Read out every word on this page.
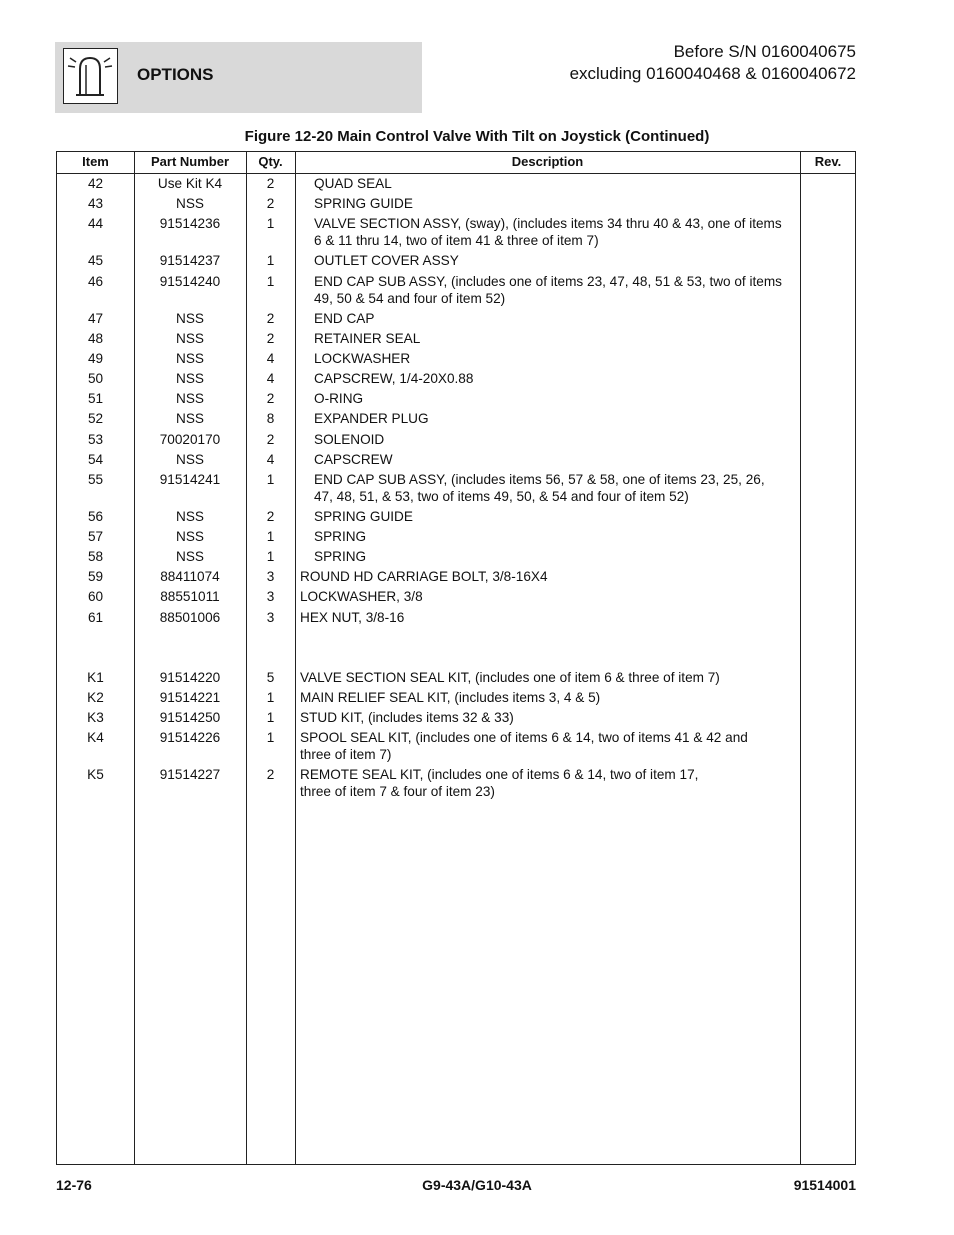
OPTIONS
Before S/N 0160040675
excluding 0160040468 & 0160040672
Figure 12-20 Main Control Valve With Tilt on Joystick (Continued)
Item	Part Number	Qty.	Description	Rev.
42	Use Kit K4	2	QUAD SEAL
43	NSS	2	SPRING GUIDE
44	91514236	1	VALVE SECTION ASSY, (sway), (includes items 34 thru 40 & 43, one of items
6 & 11 thru 14, two of item 41 & three of item 7)
45	91514237	1	OUTLET COVER ASSY
46	91514240	1	END CAP SUB ASSY, (includes one of items 23, 47, 48, 51 & 53, two of items
49, 50 & 54 and four of item 52)
47	NSS	2	END CAP
48	NSS	2	RETAINER SEAL
49	NSS	4	LOCKWASHER
50	NSS	4	CAPSCREW, 1/4-20X0.88
51	NSS	2	O-RING
52	NSS	8	EXPANDER PLUG
53	70020170	2	SOLENOID
54	NSS	4	CAPSCREW
55	91514241	1	END CAP SUB ASSY, (includes items 56, 57 & 58, one of items 23, 25, 26,
47, 48, 51, & 53, two of items 49, 50, & 54 and four of item 52)
56	NSS	2	SPRING GUIDE
57	NSS	1	SPRING
58	NSS	1	SPRING
59	88411074	3	ROUND HD CARRIAGE BOLT, 3/8-16X4
60	88551011	3	LOCKWASHER, 3/8
61	88501006	3	HEX NUT, 3/8-16
K1	91514220	5	VALVE SECTION SEAL KIT, (includes one of item 6 & three of item 7)
K2	91514221	1	MAIN RELIEF SEAL KIT, (includes items 3, 4 & 5)
K3	91514250	1	STUD KIT, (includes items 32 & 33)
K4	91514226	1	SPOOL SEAL KIT, (includes one of items 6 & 14, two of items 41 & 42 and
three of item 7)
K5	91514227	2	REMOTE SEAL KIT, (includes one of items 6 & 14, two of item 17,
three of item 7 & four of item 23)
12-76	G9-43A/G10-43A	91514001
